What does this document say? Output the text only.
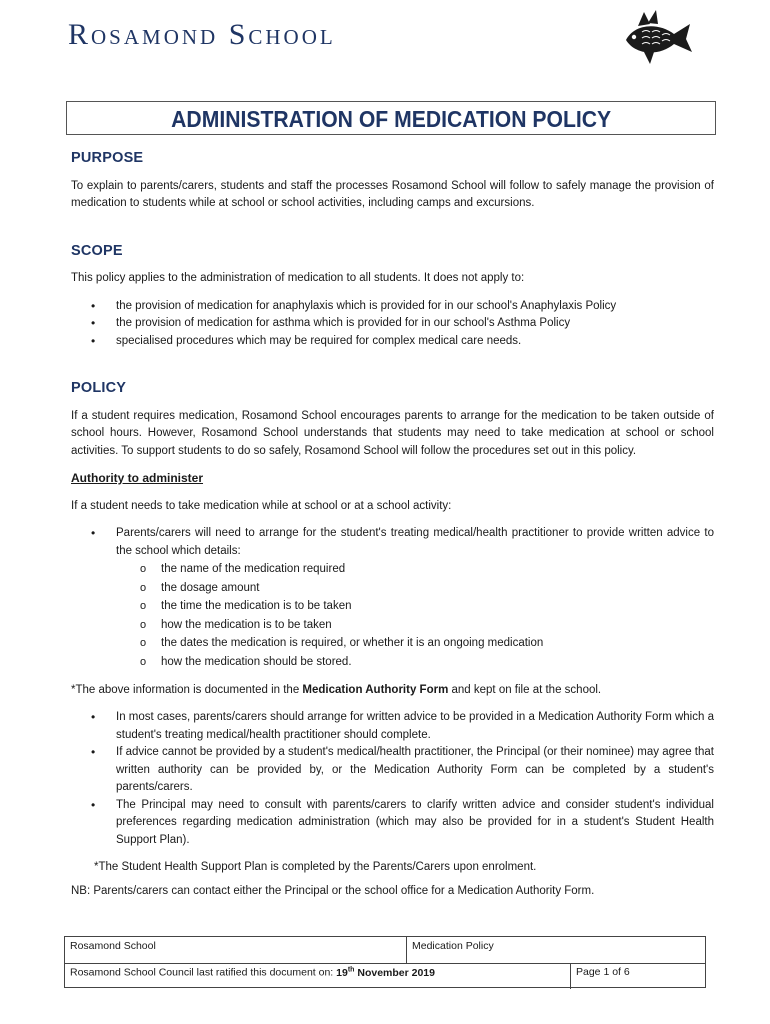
Rosamond School
ADMINISTRATION OF MEDICATION POLICY
PURPOSE

To explain to parents/carers, students and staff the processes Rosamond School will follow to safely manage the provision of medication to students while at school or school activities, including camps and excursions.

SCOPE

This policy applies to the administration of medication to all students. It does not apply to:

• the provision of medication for anaphylaxis which is provided for in our school's Anaphylaxis Policy
• the provision of medication for asthma which is provided for in our school's Asthma Policy
• specialised procedures which may be required for complex medical care needs.
POLICY

If a student requires medication, Rosamond School encourages parents to arrange for the medication to be taken outside of school hours. However, Rosamond School understands that students may need to take medication at school or school activities. To support students to do so safely, Rosamond School will follow the procedures set out in this policy.

Authority to administer

If a student needs to take medication while at school or at a school activity:

• Parents/carers will need to arrange for the student's treating medical/health practitioner to provide written advice to the school which details:
o the name of the medication required
o the dosage amount
o the time the medication is to be taken
o how the medication is to be taken
o the dates the medication is required, or whether it is an ongoing medication
o how the medication should be stored.

*The above information is documented in the Medication Authority Form and kept on file at the school.

• In most cases, parents/carers should arrange for written advice to be provided in a Medication Authority Form which a student's treating medical/health practitioner should complete.
• If advice cannot be provided by a student's medical/health practitioner, the Principal (or their nominee) may agree that written authority can be provided by, or the Medication Authority Form can be completed by a student's parents/carers.
• The Principal may need to consult with parents/carers to clarify written advice and consider student's individual preferences regarding medication administration (which may also be provided for in a student's Student Health Support Plan).

*The Student Health Support Plan is completed by the Parents/Carers upon enrolment.

NB: Parents/carers can contact either the Principal or the school office for a Medication Authority Form.

Rosamond School	Medication Policy
Rosamond School Council last ratified this document on: 19th November 2019	Page 1 of 6
